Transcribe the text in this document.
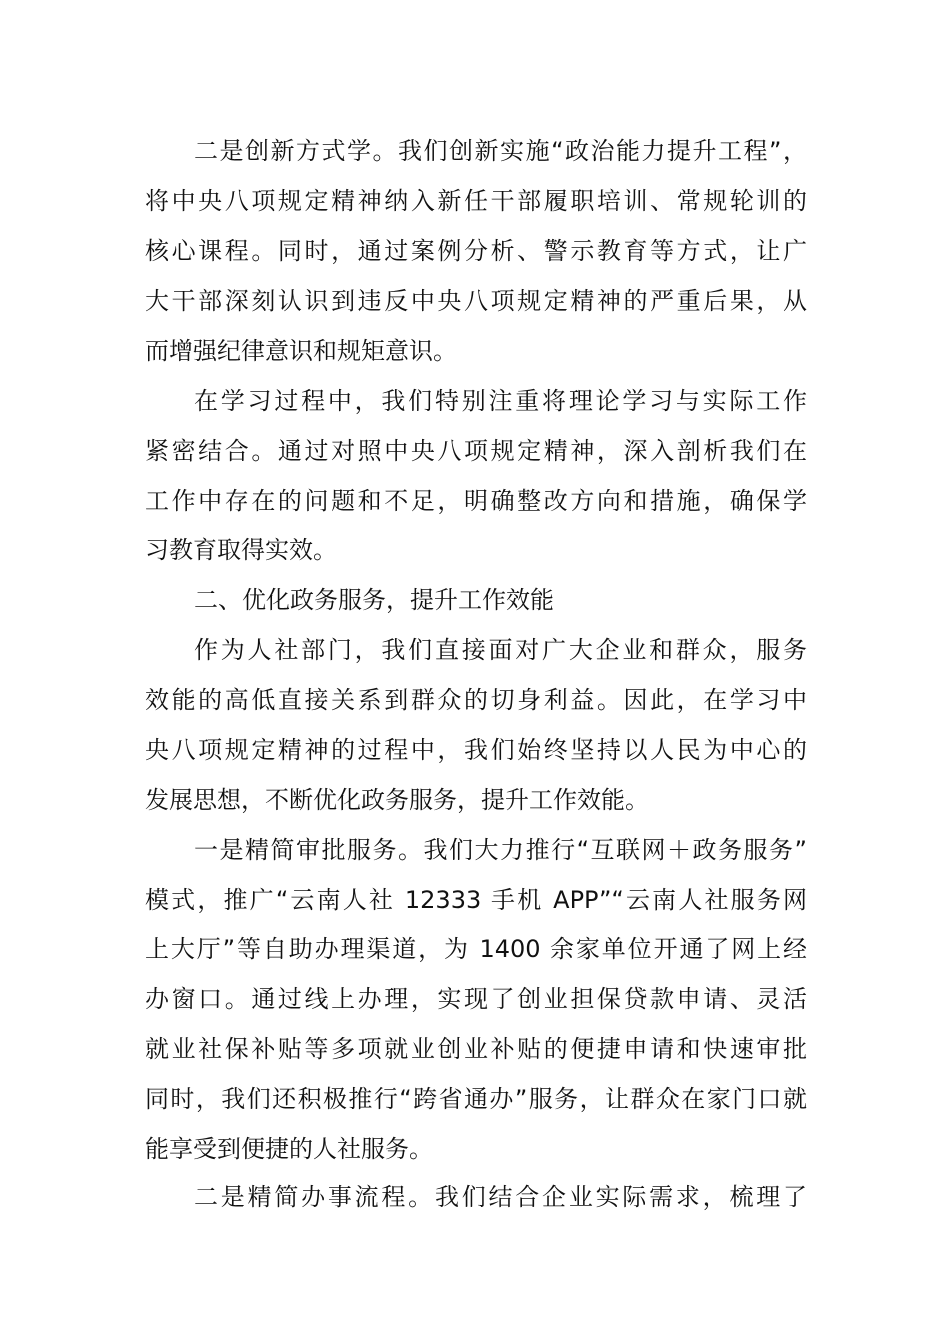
二是创新方式学。我们创新实施“政治能力提升工程”，
将中央八项规定精神纳入新任干部履职培训、常规轮训的
核心课程。同时，通过案例分析、警示教育等方式，让广
大干部深刻认识到违反中央八项规定精神的严重后果，从
而增强纪律意识和规矩意识。
在学习过程中，我们特别注重将理论学习与实际工作
紧密结合。通过对照中央八项规定精神，深入剖析我们在
工作中存在的问题和不足，明确整改方向和措施，确保学
习教育取得实效。
二、优化政务服务，提升工作效能
作为人社部门，我们直接面对广大企业和群众，服务
效能的高低直接关系到群众的切身利益。因此，在学习中
央八项规定精神的过程中，我们始终坚持以人民为中心的
发展思想，不断优化政务服务，提升工作效能。
一是精简审批服务。我们大力推行“互联网＋政务服务”
模式，推广“云南人社 12333 手机 APP”“云南人社服务网
上大厅”等自助办理渠道，为 1400 余家单位开通了网上经
办窗口。通过线上办理，实现了创业担保贷款申请、灵活
就业社保补贴等多项就业创业补贴的便捷申请和快速审批
同时，我们还积极推行“跨省通办”服务，让群众在家门口就
能享受到便捷的人社服务。
二是精简办事流程。我们结合企业实际需求，梳理了
